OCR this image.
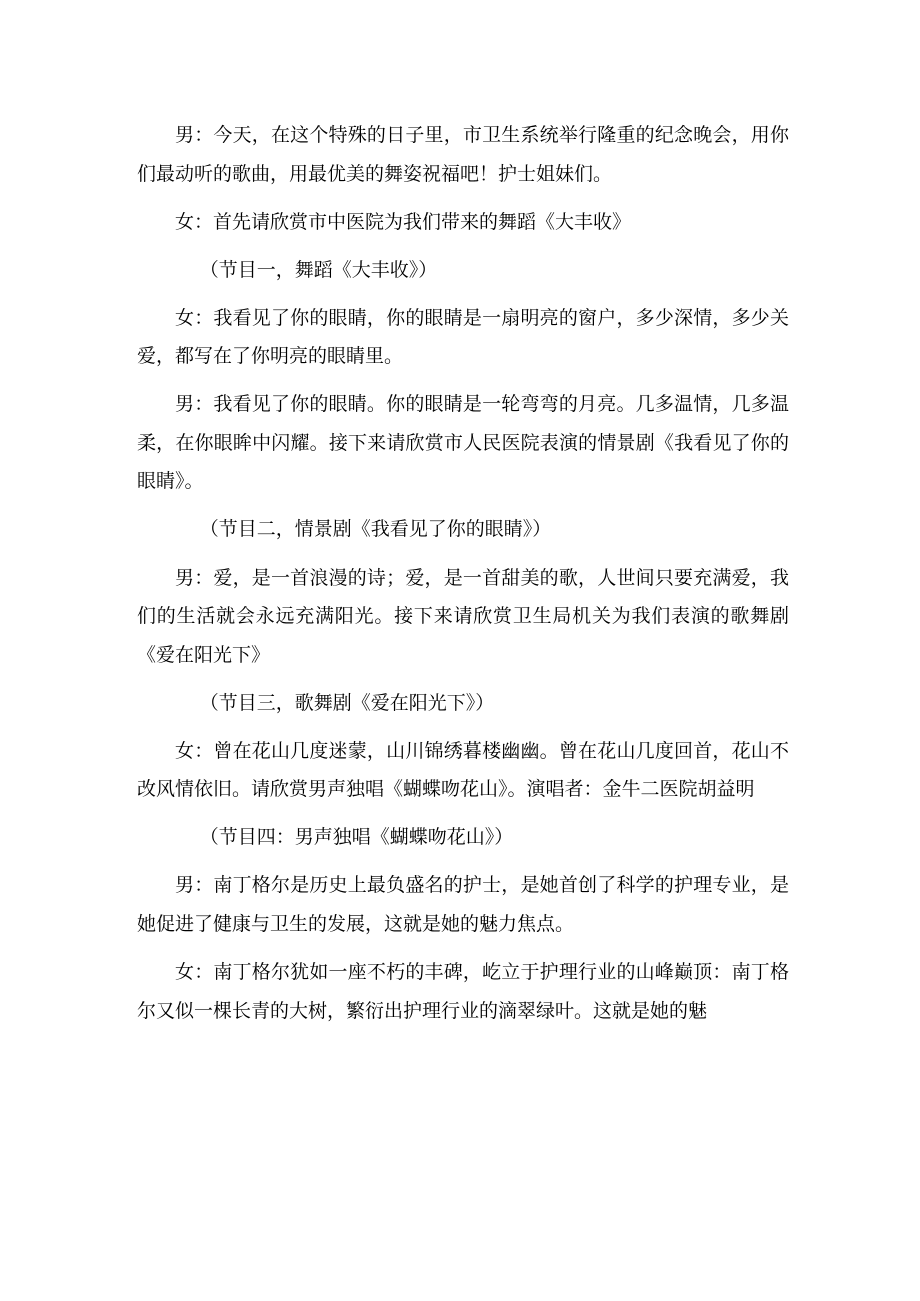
男：今天，在这个特殊的日子里，市卫生系统举行隆重的纪念晚会，用你们最动听的歌曲，用最优美的舞姿祝福吧！护士姐妹们。

女：首先请欣赏市中医院为我们带来的舞蹈《大丰收》

（节目一，舞蹈《大丰收》）

女：我看见了你的眼睛，你的眼睛是一扇明亮的窗户，多少深情，多少关爱，都写在了你明亮的眼睛里。

男：我看见了你的眼睛。你的眼睛是一轮弯弯的月亮。几多温情，几多温柔，在你眼眸中闪耀。接下来请欣赏市人民医院表演的情景剧《我看见了你的眼睛》。

（节目二，情景剧《我看见了你的眼睛》）

男：爱，是一首浪漫的诗；爱，是一首甜美的歌，人世间只要充满爱，我们的生活就会永远充满阳光。接下来请欣赏卫生局机关为我们表演的歌舞剧《爱在阳光下》

（节目三，歌舞剧《爱在阳光下》）

女：曾在花山几度迷蒙，山川锦绣暮楼幽幽。曾在花山几度回首，花山不改风情依旧。请欣赏男声独唱《蝴蝶吻花山》。演唱者：金牛二医院胡益明

（节目四：男声独唱《蝴蝶吻花山》）

男：南丁格尔是历史上最负盛名的护士，是她首创了科学的护理专业，是她促进了健康与卫生的发展，这就是她的魅力焦点。

女：南丁格尔犹如一座不朽的丰碑，屹立于护理行业的山峰巅顶：南丁格尔又似一棵长青的大树，繁衍出护理行业的滴翠绿叶。这就是她的魅
